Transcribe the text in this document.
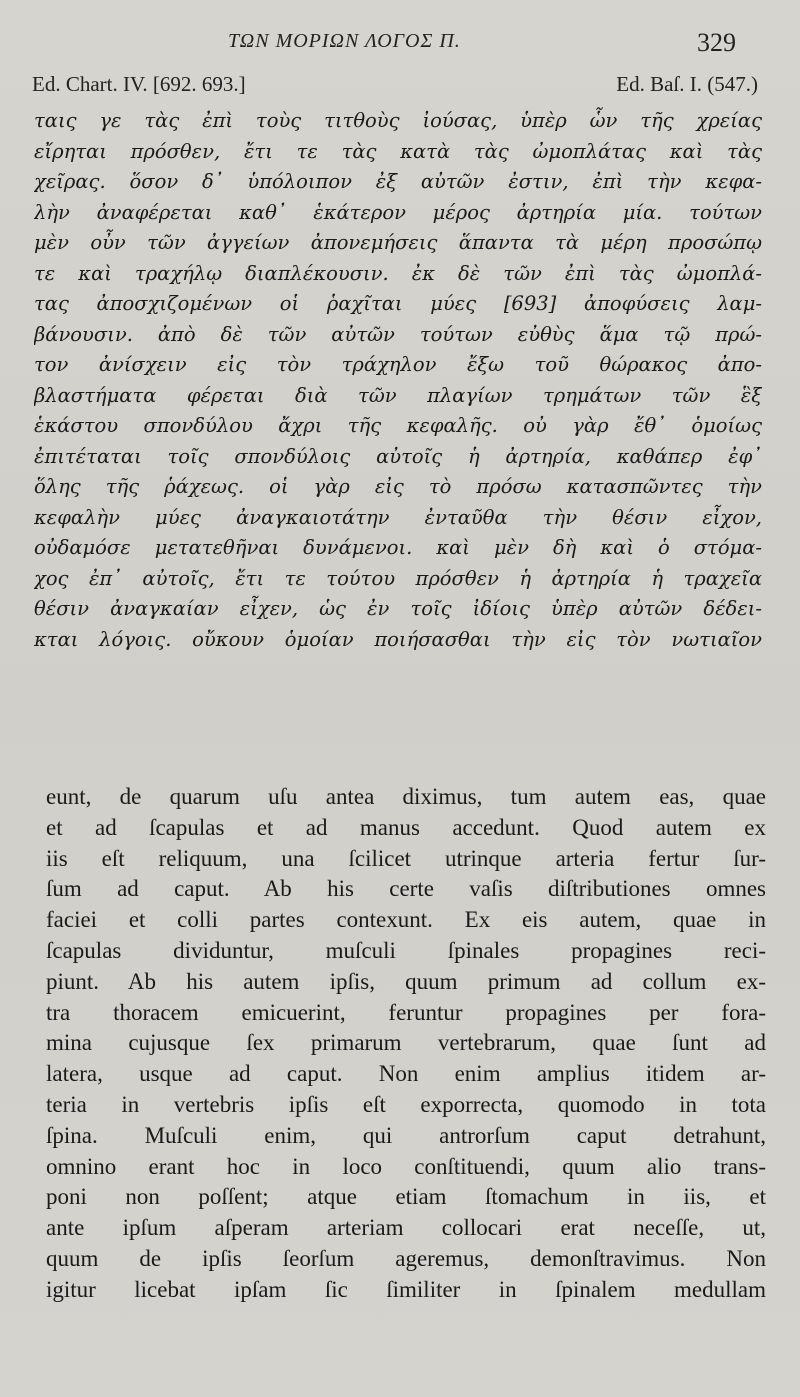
ΤΩΝ ΜΟΡΙΩΝ ΛΟΓΟΣ Π.	329
Ed. Chart. IV. [692. 693.]	Ed. Baſ. I. (547.)
ταις γε τὰς ἐπὶ τοὺς τιτθοὺς ἰούσας, ὑπὲρ ὧν τῆς χρείας
εἴρηται πρόσθεν, ἔτι τε τὰς κατὰ τὰς ὠμοπλάτας καὶ τὰς
χεῖρας. ὅσον δ᾽ ὑπόλοιπον ἐξ αὐτῶν ἐστιν, ἐπὶ τὴν κεφα-
λὴν ἀναφέρεται καθ᾽ ἑκάτερον μέρος ἀρτηρία μία. τούτων
μὲν οὖν τῶν ἀγγείων ἀπονεμήσεις ἅπαντα τὰ μέρη προσώπῳ
τε καὶ τραχήλῳ διαπλέκουσιν. ἐκ δὲ τῶν ἐπὶ τὰς ὠμοπλά-
τας ἀποσχιζομένων οἱ ῥαχῖται μύες [693] ἀποφύσεις λαμ-
βάνουσιν. ἀπὸ δὲ τῶν αὐτῶν τούτων εὐθὺς ἅμα τῷ πρώ-
τον ἀνίσχειν εἰς τὸν τράχηλον ἔξω τοῦ θώρακος ἀπο-
βλαστήματα φέρεται διὰ τῶν πλαγίων τρημάτων τῶν ἓξ
ἑκάστου σπονδύλου ἄχρι τῆς κεφαλῆς. οὐ γὰρ ἔθ᾽ ὁμοίως
ἐπιτέταται τοῖς σπονδύλοις αὐτοῖς ἡ ἀρτηρία, καθάπερ ἐφ᾽
ὅλης τῆς ῥάχεως. οἱ γὰρ εἰς τὸ πρόσω κατασπῶντες τὴν
κεφαλὴν μύες ἀναγκαιοτάτην ἐνταῦθα τὴν θέσιν εἶχον,
οὐδαμόσε μετατεθῆναι δυνάμενοι. καὶ μὲν δὴ καὶ ὁ στόμα-
χος ἐπ᾽ αὐτοῖς, ἔτι τε τούτου πρόσθεν ἡ ἀρτηρία ἡ τραχεῖα
θέσιν ἀναγκαίαν εἶχεν, ὡς ἐν τοῖς ἰδίοις ὑπὲρ αὐτῶν δέδει-
κται λόγοις. οὔκουν ὁμοίαν ποιήσασθαι τὴν εἰς τὸν νωτιαῖον
eunt, de quarum uſu antea diximus, tum autem eas, quae
et ad ſcapulas et ad manus accedunt. Quod autem ex
iis eſt reliquum, una ſcilicet utrinque arteria fertur ſur-
ſum ad caput. Ab his certe vaſis diſtributiones omnes
faciei et colli partes contexunt. Ex eis autem, quae in
ſcapulas dividuntur, muſculi ſpinales propagines reci-
piunt. Ab his autem ipſis, quum primum ad collum ex-
tra thoracem emicuerint, feruntur propagines per fora-
mina cujusque ſex primarum vertebrarum, quae ſunt ad
latera, usque ad caput. Non enim amplius itidem ar-
teria in vertebris ipſis eſt exporrecta, quomodo in tota
ſpina. Muſculi enim, qui antrorſum caput detrahunt,
omnino erant hoc in loco conſtituendi, quum alio trans-
poni non poſſent; atque etiam ſtomachum in iis, et
ante ipſum aſperam arteriam collocari erat neceſſe, ut,
quum de ipſis ſeorſum ageremus, demonſtravimus. Non
igitur licebat ipſam ſic ſimiliter in ſpinalem medullam
